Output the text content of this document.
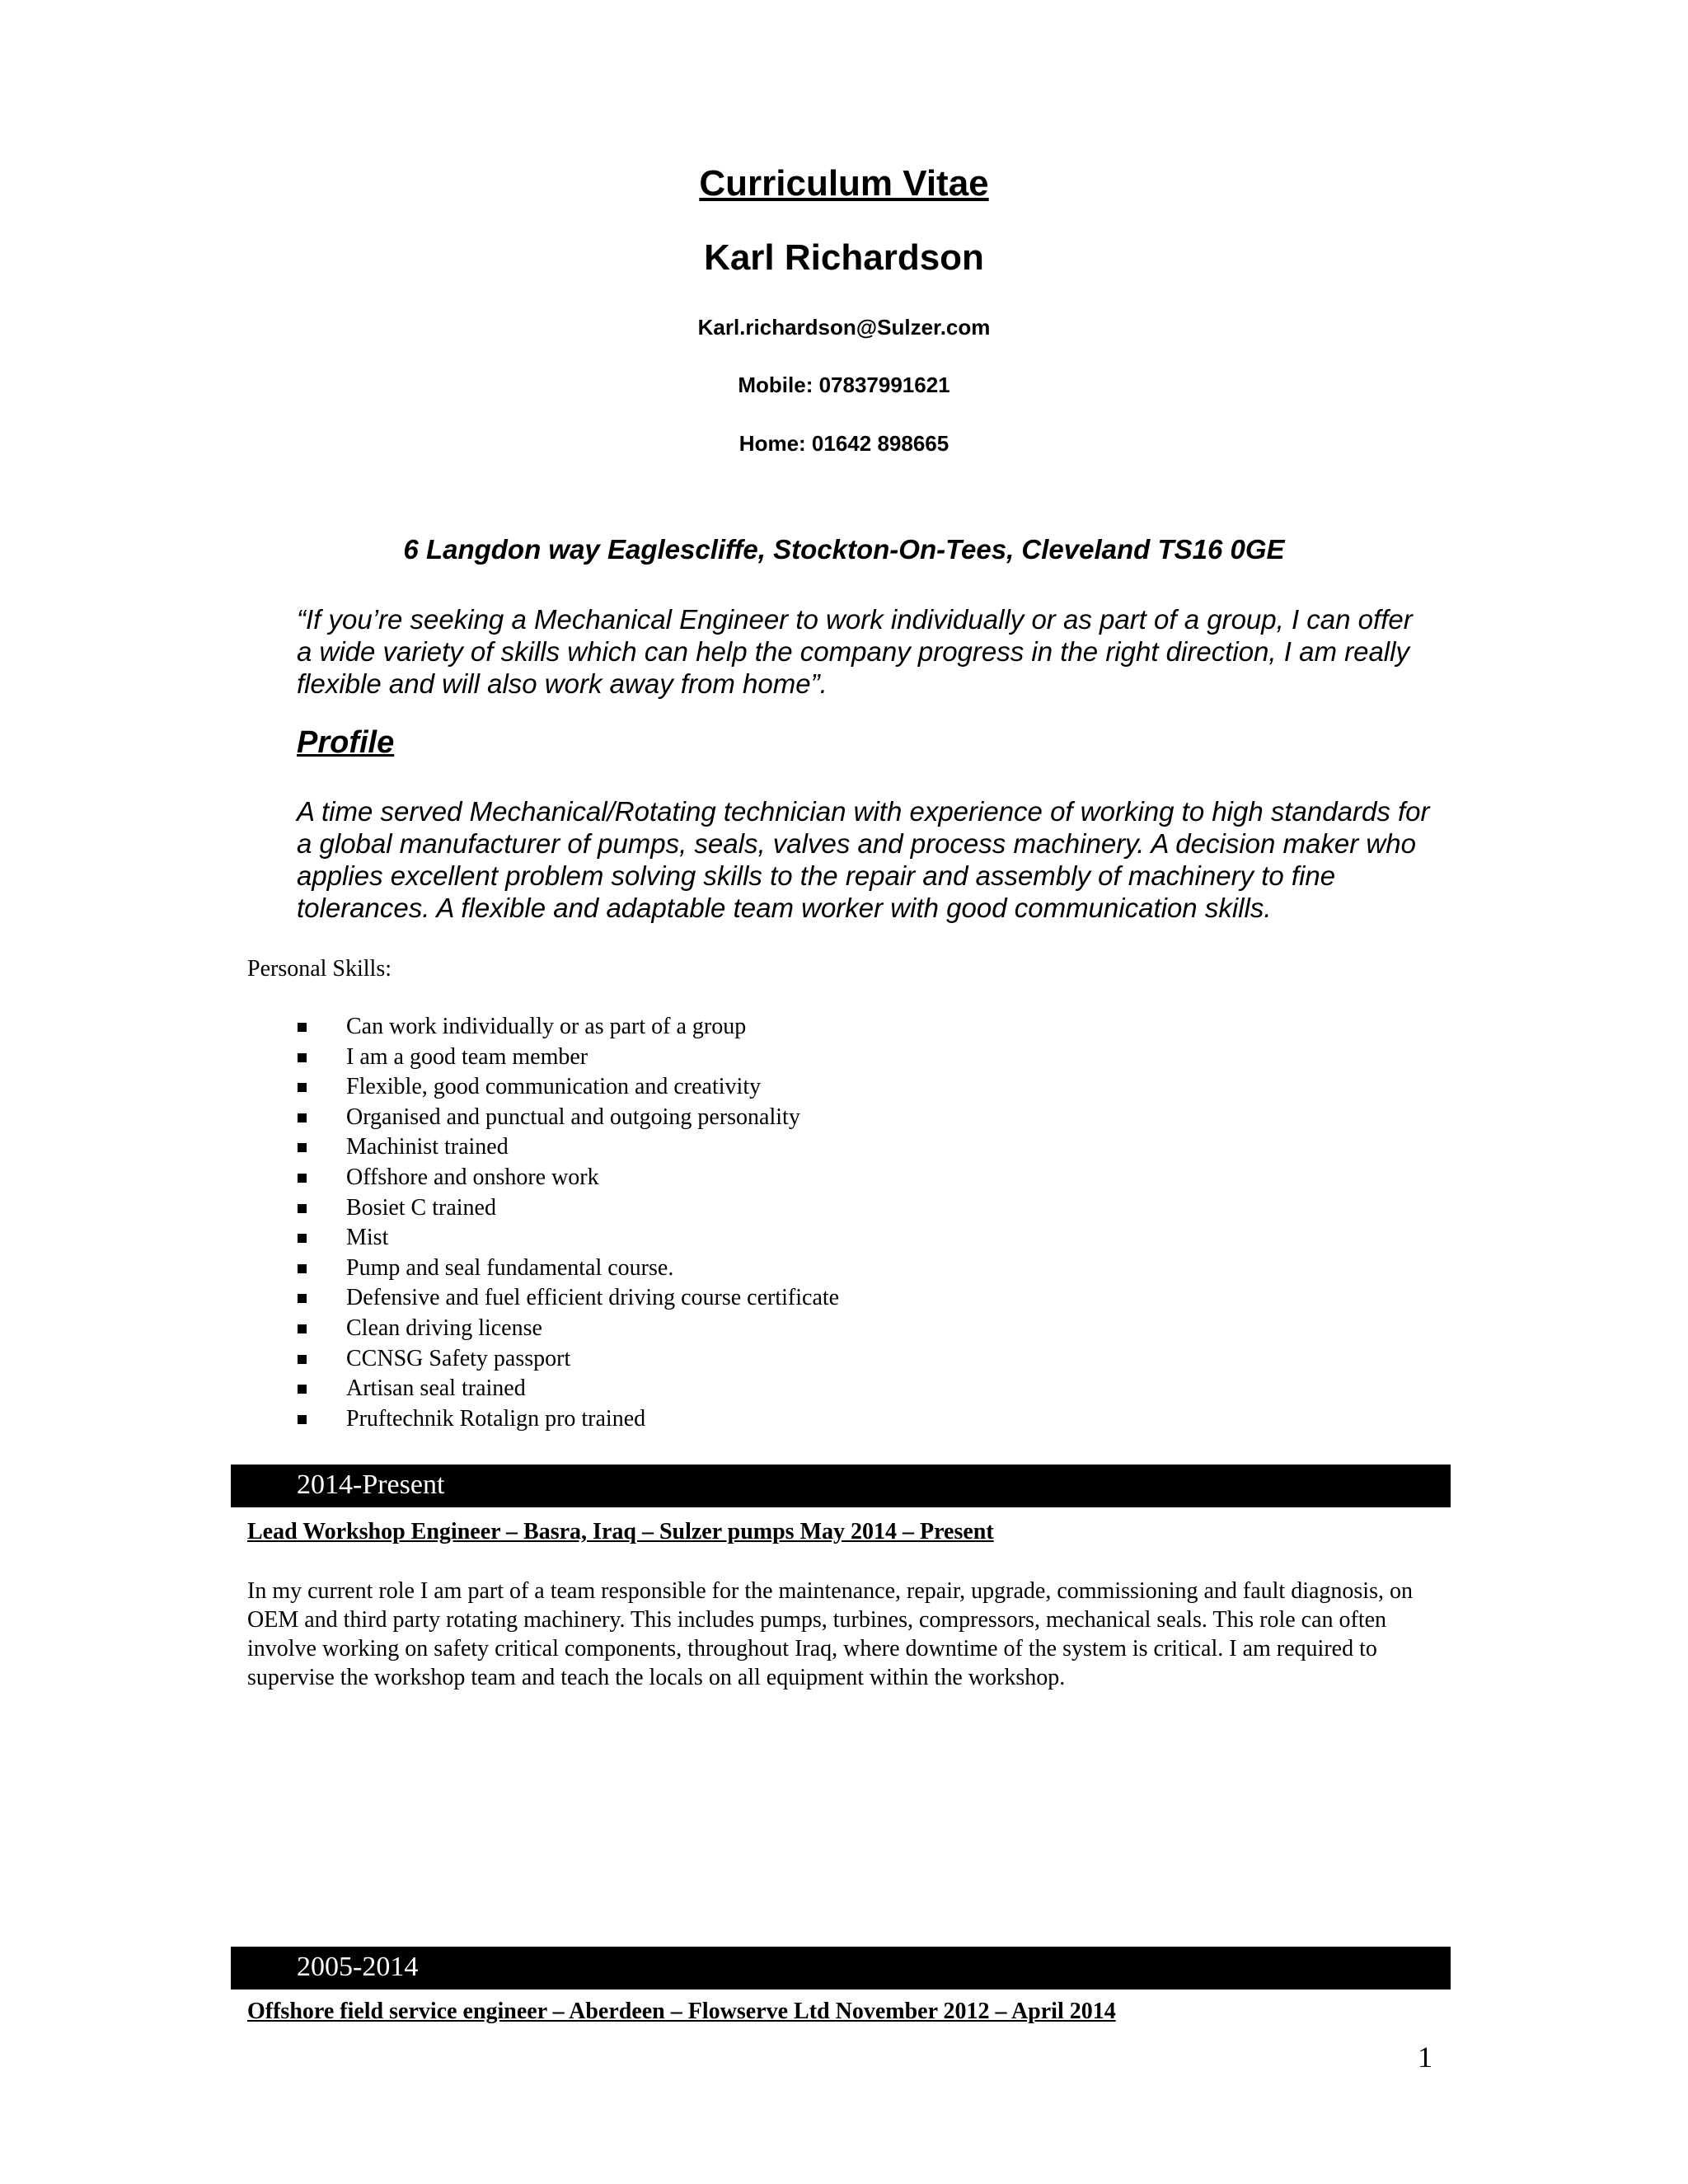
Curriculum Vitae
Karl Richardson
Karl.richardson@Sulzer.com
Mobile: 07837991621
Home: 01642 898665
6 Langdon way Eaglescliffe, Stockton-On-Tees, Cleveland TS16 0GE
“If you’re seeking a Mechanical Engineer to work individually or as part of a group, I can offer a wide variety of skills which can help the company progress in the right direction, I am really flexible and will also work away from home”.
Profile
A time served Mechanical/Rotating technician with experience of working to high standards for a global manufacturer of pumps, seals, valves and process machinery. A decision maker who applies excellent problem solving skills to the repair and assembly of machinery to fine tolerances. A flexible and adaptable team worker with good communication skills.
Personal Skills:
Can work individually or as part of a group
I am a good team member
Flexible, good communication and creativity
Organised and punctual and outgoing personality
Machinist trained
Offshore and onshore work
Bosiet C trained
Mist
Pump and seal fundamental course.
Defensive and fuel efficient driving course certificate
Clean driving license
CCNSG Safety passport
Artisan seal trained
Pruftechnik Rotalign pro trained
2014-Present
Lead Workshop Engineer – Basra, Iraq – Sulzer pumps May 2014 – Present
In my current role I am part of a team responsible for the maintenance, repair, upgrade, commissioning and fault diagnosis, on OEM and third party rotating machinery. This includes pumps, turbines, compressors, mechanical seals. This role can often involve working on safety critical components, throughout Iraq, where downtime of the system is critical. I am required to supervise the workshop team and teach the locals on all equipment within the workshop.
2005-2014
Offshore field service engineer – Aberdeen – Flowserve Ltd November 2012 – April 2014
1
